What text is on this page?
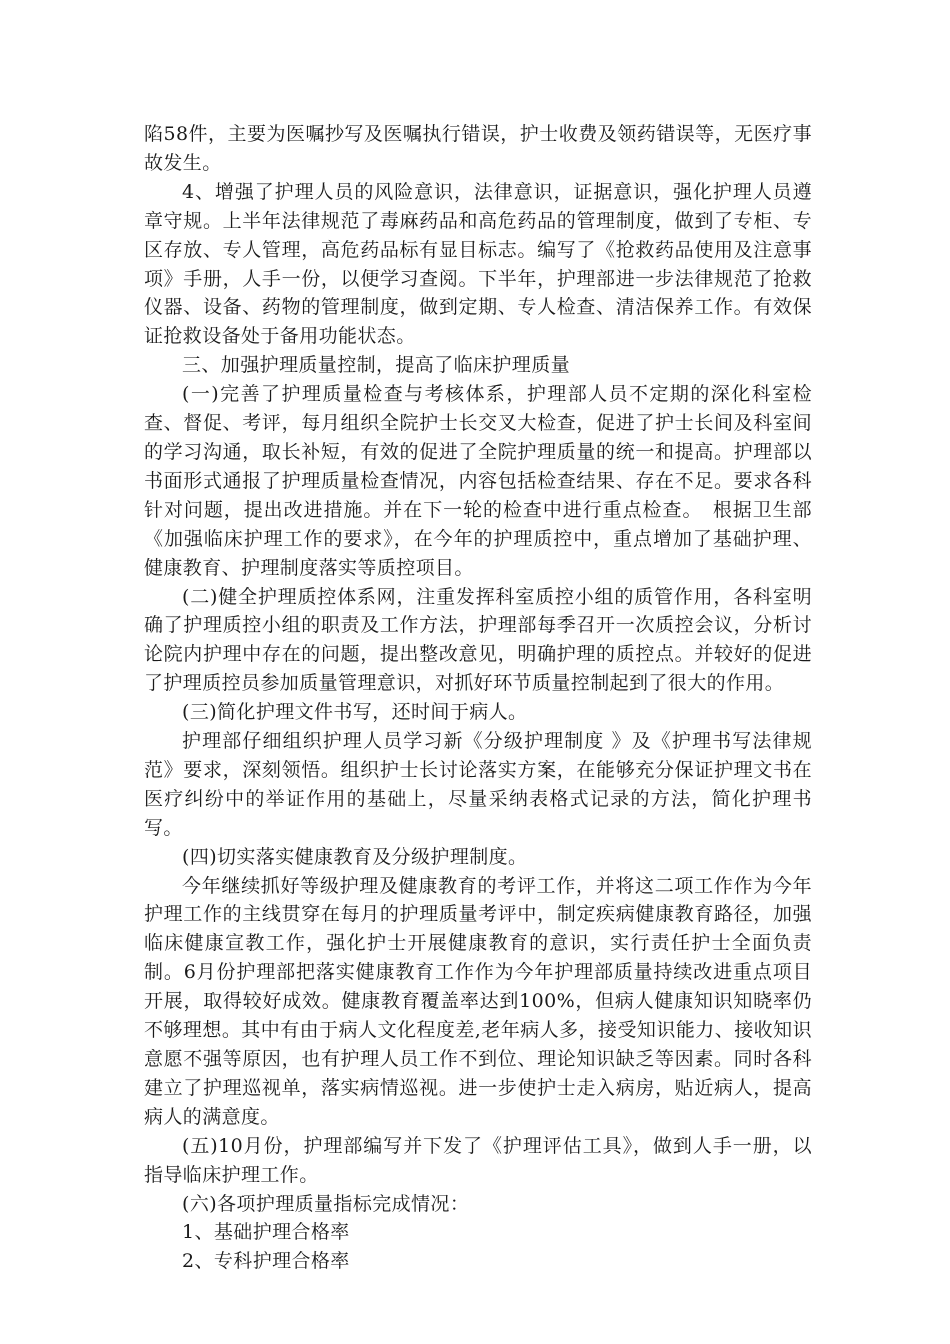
陷58件，主要为医嘱抄写及医嘱执行错误，护士收费及领药错误等，无医疗事故发生。

4、增强了护理人员的风险意识，法律意识，证据意识，强化护理人员遵章守规。上半年法律规范了毒麻药品和高危药品的管理制度，做到了专柜、专区存放、专人管理，高危药品标有显目标志。编写了《抢救药品使用及注意事项》手册，人手一份，以便学习查阅。下半年，护理部进一步法律规范了抢救仪器、设备、药物的管理制度，做到定期、专人检查、清洁保养工作。有效保证抢救设备处于备用功能状态。

三、加强护理质量控制，提高了临床护理质量

(一)完善了护理质量检查与考核体系，护理部人员不定期的深化科室检查、督促、考评，每月组织全院护士长交叉大检查，促进了护士长间及科室间的学习沟通，取长补短，有效的促进了全院护理质量的统一和提高。护理部以书面形式通报了护理质量检查情况，内容包括检查结果、存在不足。要求各科针对问题，提出改进措施。并在下一轮的检查中进行重点检查。　根据卫生部《加强临床护理工作的要求》，在今年的护理质控中，重点增加了基础护理、健康教育、护理制度落实等质控项目。

(二)健全护理质控体系网，注重发挥科室质控小组的质管作用，各科室明确了护理质控小组的职责及工作方法，护理部每季召开一次质控会议，分析讨论院内护理中存在的问题，提出整改意见，明确护理的质控点。并较好的促进了护理质控员参加质量管理意识，对抓好环节质量控制起到了很大的作用。

(三)简化护理文件书写，还时间于病人。

护理部仔细组织护理人员学习新《分级护理制度 》及《护理书写法律规范》要求，深刻领悟。组织护士长讨论落实方案，在能够充分保证护理文书在医疗纠纷中的举证作用的基础上，尽量采纳表格式记录的方法，简化护理书写。

(四)切实落实健康教育及分级护理制度。

今年继续抓好等级护理及健康教育的考评工作，并将这二项工作作为今年护理工作的主线贯穿在每月的护理质量考评中，制定疾病健康教育路径，加强临床健康宣教工作，强化护士开展健康教育的意识，实行责任护士全面负责制。6月份护理部把落实健康教育工作作为今年护理部质量持续改进重点项目开展，取得较好成效。健康教育覆盖率达到100%，但病人健康知识知晓率仍不够理想。其中有由于病人文化程度差,老年病人多，接受知识能力、接收知识意愿不强等原因，也有护理人员工作不到位、理论知识缺乏等因素。同时各科建立了护理巡视单，落实病情巡视。进一步使护士走入病房，贴近病人，提高病人的满意度。

(五)10月份，护理部编写并下发了《护理评估工具》，做到人手一册，以指导临床护理工作。

(六)各项护理质量指标完成情况：

1、基础护理合格率

2、专科护理合格率
